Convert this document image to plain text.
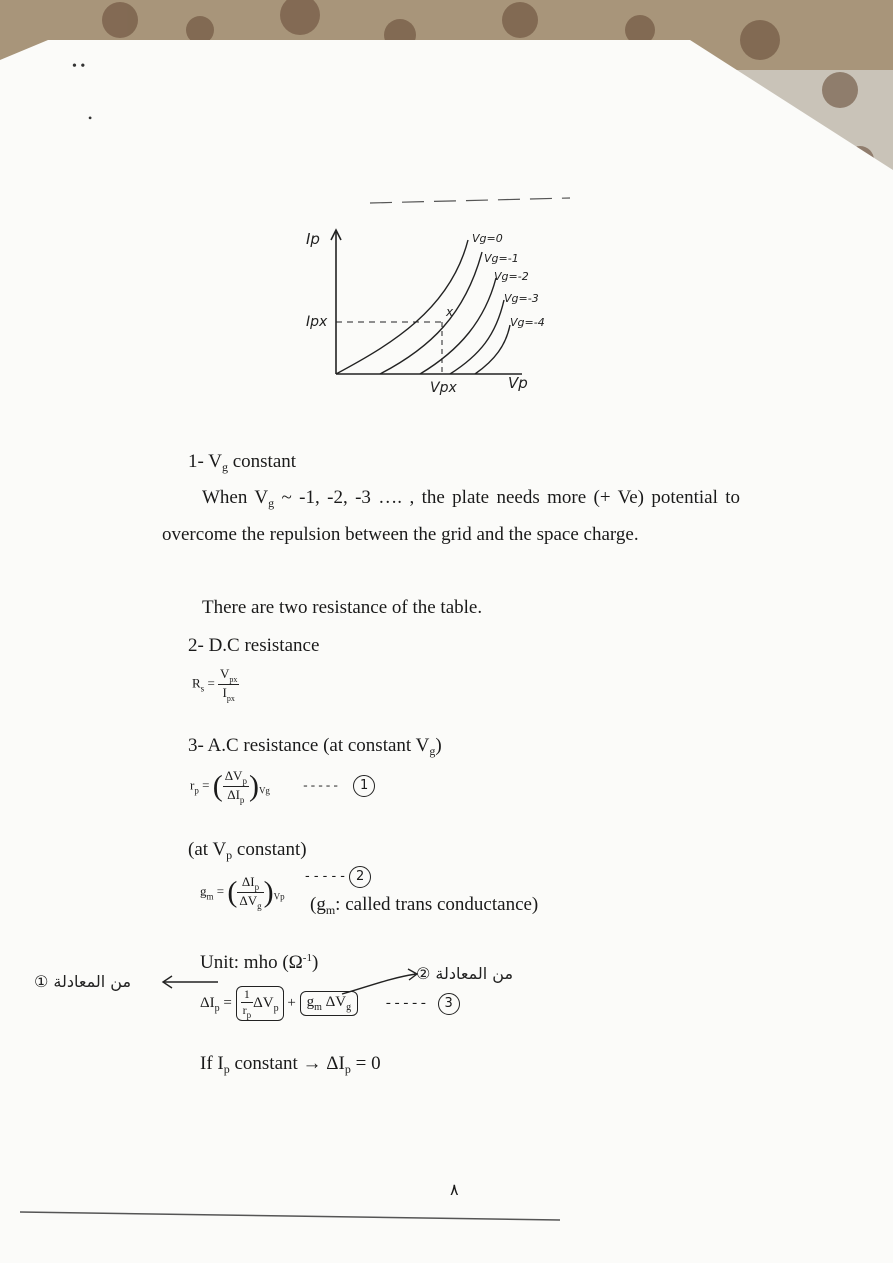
• •
•
Ip
Ipx
Vpx	Vp
x
Vg=0
Vg=-1
Vg=-2
Vg=-3
Vg=-4
1- $V_g$ constant
When $V_g$ ~ -1, -2, -3 …. , the plate needs more (+ Ve) potential to overcome the repulsion between the grid and the space charge.
There are two resistance of the table.
2- D.C resistance
$R_s = \frac{V_{px}}{I_{px}}$
3- A.C resistance (at constant $V_g$)
$r_p$ = ( $\frac{\Delta V_p}{\Delta I_p} )_{Vg}$	- - - - - 1
(at $V_p$ constant)
$g_m$ = ( $\frac{\Delta I_p}{\Delta V_g} )_{Vp}$
- - - - - 2
($g_m$: called trans conductance)
Unit: mho $(\Omega^{-1})$
من المعادلة ①	من المعادلة ②
$\Delta I_p = \frac{1}{r_p} \Delta V_p + g_m$ $\Delta V_g$ - - - - - 3
If $I_p$ constant → $\Delta I_p = 0$
٨
